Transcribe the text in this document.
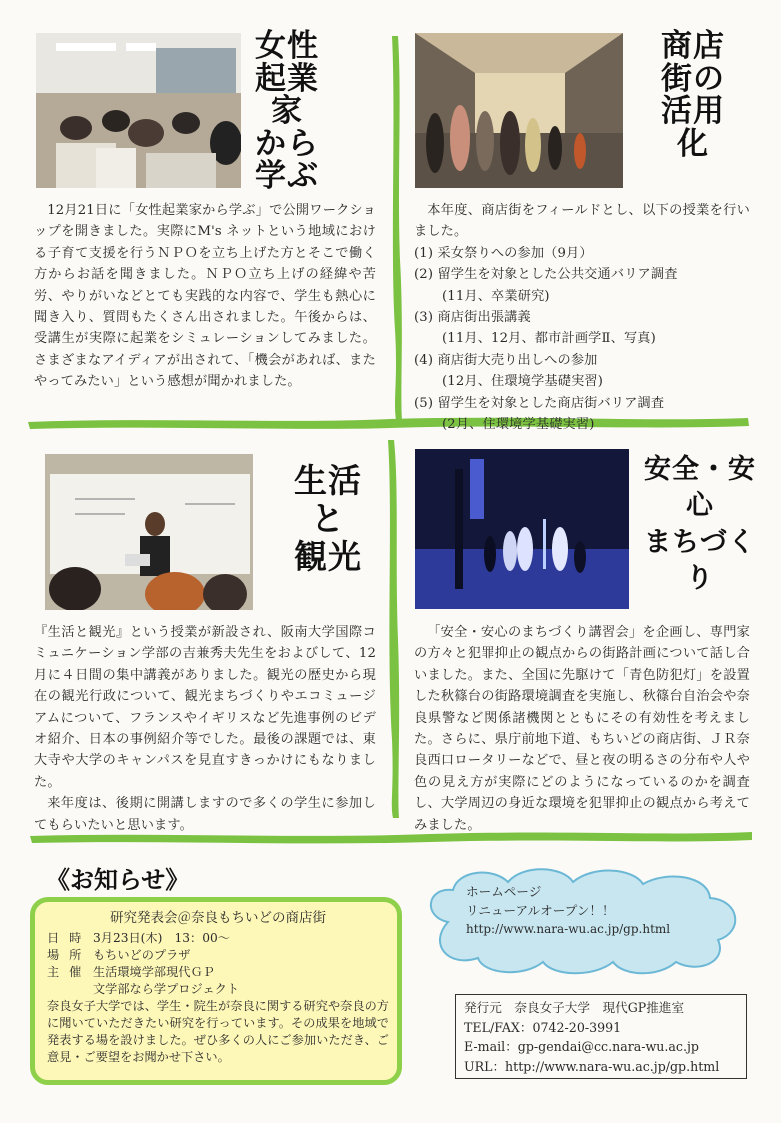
女性
起業家
から
学ぶ

12月21日に「女性起業家から学ぶ」で公開ワークショップを開きました。実際にM's ネットという地域における子育て支援を行うＮＰＯを立ち上げた方とそこで働く方からお話を聞きました。ＮＰＯ立ち上げの経緯や苦労、やりがいなどとても実践的な内容で、学生も熱心に聞き入り、質問もたくさん出されました。午後からは、受講生が実際に起業をシミュレーションしてみました。さまざまなアイディアが出されて、「機会があれば、またやってみたい」という感想が聞かれました。

商店
街の
活用化

本年度、商店街をフィールドとし、以下の授業を行いました。

(1) 采女祭りへの参加（9月）
(2) 留学生を対象とした公共交通バリア調査
(11月、卒業研究)
(3) 商店街出張講義
(11月、12月、都市計画学Ⅱ、写真)
(4) 商店街大売り出しへの参加
(12月、住環境学基礎実習)
(5) 留学生を対象とした商店街バリア調査
(2月、住環境学基礎実習)
生活
と
観光

『生活と観光』という授業が新設され、阪南大学国際コミュニケーション学部の吉兼秀夫先生をおよびして、12月に４日間の集中講義がありました。観光の歴史から現在の観光行政について、観光まちづくりやエコミュージアムについて、フランスやイギリスなど先進事例のビデオ紹介、日本の事例紹介等でした。最後の課題では、東大寺や大学のキャンパスを見直すきっかけにもなりました。

来年度は、後期に開講しますので多くの学生に参加してもらいたいと思います。

安全・安心
まちづくり

「安全・安心のまちづくり講習会」を企画し、専門家の方々と犯罪抑止の観点からの街路計画について話し合いました。また、全国に先駆けて「青色防犯灯」を設置した秋篠台の街路環境調査を実施し、秋篠台自治会や奈良県警など関係諸機関とともにその有効性を考えました。さらに、県庁前地下道、もちいどの商店街、ＪＲ奈良西口ロータリーなどで、昼と夜の明るさの分布や人や色の見え方が実際にどのようになっているのかを調査し、大学周辺の身近な環境を犯罪抑止の観点から考えてみました。

《お知らせ》
研究発表会＠奈良もちいどの商店街
日時 3月23日(木)　13：00〜
場所 もちいどのプラザ
主催 生活環境学部現代ＧＰ
文学部なら学プロジェクト
奈良女子大学では、学生・院生が奈良に関する研究や奈良の方に聞いていただきたい研究を行っています。その成果を地域で発表する場を設けました。ぜひ多くの人にご参加いただき、ご意見・ご要望をお聞かせ下さい。
ホームページ
リニューアルオープン！！
http://www.nara-wu.ac.jp/gp.html
発行元　奈良女子大学　現代GP推進室
TEL/FAX：0742-20-3991
E-mail：gp-gendai@cc.nara-wu.ac.jp
URL：http://www.nara-wu.ac.jp/gp.html
